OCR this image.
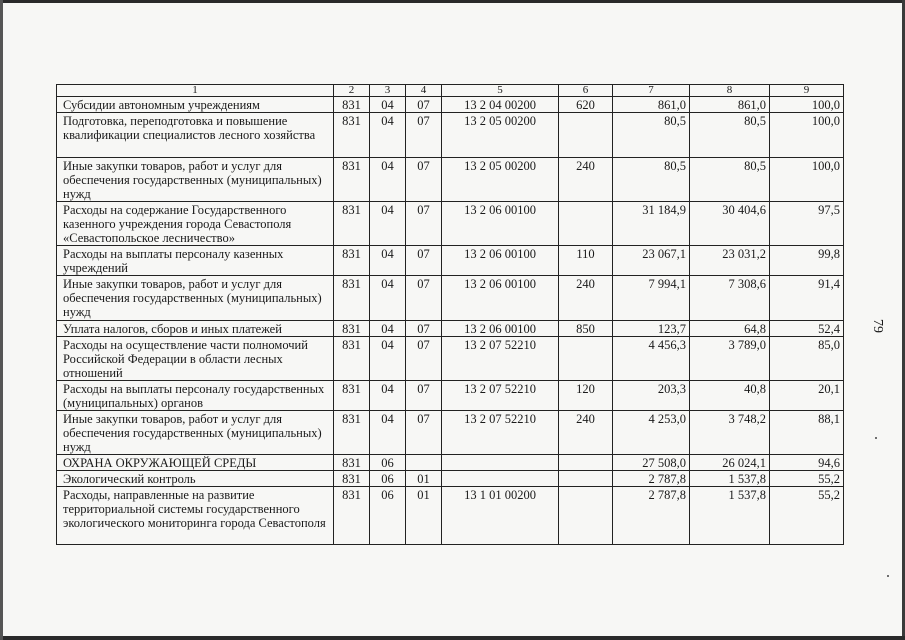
1	2	3	4	5	6	7	8	9
Субсидии автономным учреждениям	831	04	07	13 2 04 00200	620	861,0	861,0	100,0
Подготовка, переподготовка и повышение квалификации специалистов лесного хозяйства	831	04	07	13 2 05 00200		80,5	80,5	100,0
Иные закупки товаров, работ и услуг для обеспечения государственных (муниципальных) нужд	831	04	07	13 2 05 00200	240	80,5	80,5	100,0
Расходы на содержание Государственного казенного учреждения города Севастополя «Севастопольское лесничество»	831	04	07	13 2 06 00100		31 184,9	30 404,6	97,5
Расходы на выплаты персоналу казенных учреждений	831	04	07	13 2 06 00100	110	23 067,1	23 031,2	99,8
Иные закупки товаров, работ и услуг для обеспечения государственных (муниципальных) нужд	831	04	07	13 2 06 00100	240	7 994,1	7 308,6	91,4
Уплата налогов, сборов и иных платежей	831	04	07	13 2 06 00100	850	123,7	64,8	52,4
Расходы на осуществление части полномочий Российской Федерации в области лесных отношений	831	04	07	13 2 07 52210		4 456,3	3 789,0	85,0
Расходы на выплаты персоналу государственных (муниципальных) органов	831	04	07	13 2 07 52210	120	203,3	40,8	20,1
Иные закупки товаров, работ и услуг для обеспечения государственных (муниципальных) нужд	831	04	07	13 2 07 52210	240	4 253,0	3 748,2	88,1
ОХРАНА ОКРУЖАЮЩЕЙ СРЕДЫ	831	06				27 508,0	26 024,1	94,6
Экологический контроль	831	06	01			2 787,8	1 537,8	55,2
Расходы, направленные на развитие территориальной системы государственного экологического мониторинга города Севастополя	831	06	01	13 1 01 00200		2 787,8	1 537,8	55,2
79
